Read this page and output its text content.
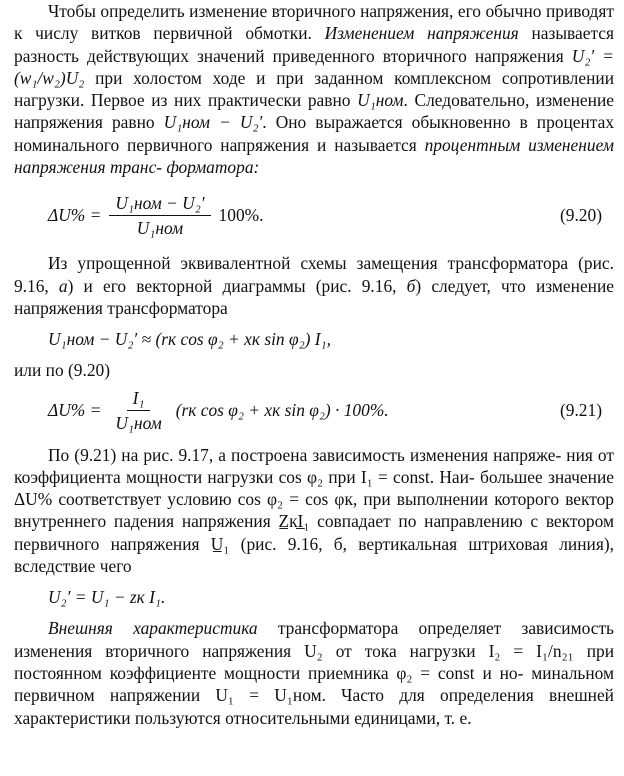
Чтобы определить изменение вторичного напряжения, его обычно приводят к числу витков первичной обмотки. Изменением напряжения называется разность действующих значений приведенного вторичного напряжения U₂′ = (w₁/w₂)U₂ при холостом ходе и при заданном комплексном сопротивлении нагрузки. Первое из них практически равно U₁ном. Следовательно, изменение напряжения равно U₁ном − U₂′. Оно выражается обыкновенно в процентах номинального первичного напряжения и называется процентным изменением напряжения транс- форматора:

$\Delta U\% = \frac{\text{U₁ном − U₂′}}{\text{U₁ном}} 100\%$.	(9.20)

Из упрощенной эквивалентной схемы замещения трансформатора (рис. 9.16, а) и его векторной диаграммы (рис. 9.16, б) следует, что изменение напряжения трансформатора

U₁ном − U₂′ ≈ (rк cos φ₂ + xк sin φ₂) I₁,

или по (9.20)

$\Delta U\% = \frac{\text{I₁}}{\text{U₁ном}} (rк$ cos φ₂ + xк sin φ₂) · 100%.	(9.21)

По (9.21) на рис. 9.17, а построена зависимость изменения напряже- ния от коэффициента мощности нагрузки cos φ₂ при I₁ = const. Наи- большее значение ΔU% соответствует условию cos φ₂ = cos φк, при выполнении которого вектор внутреннего падения напряжения Z̲кI̲₁ совпадает по направлению с вектором первичного напряжения U̲₁ (рис. 9.16, б, вертикальная штриховая линия), вследствие чего

U₂′ = U₁ − zк I₁.

Внешняя характеристика трансформатора определяет зависимость изменения вторичного напряжения U₂ от тока нагрузки I₂ = I₁/n₂₁ при постоянном коэффициенте мощности приемника φ₂ = const и но- минальном первичном напряжении U₁ = U₁ном. Часто для определения внешней характеристики пользуются относительными единицами, т. е.
